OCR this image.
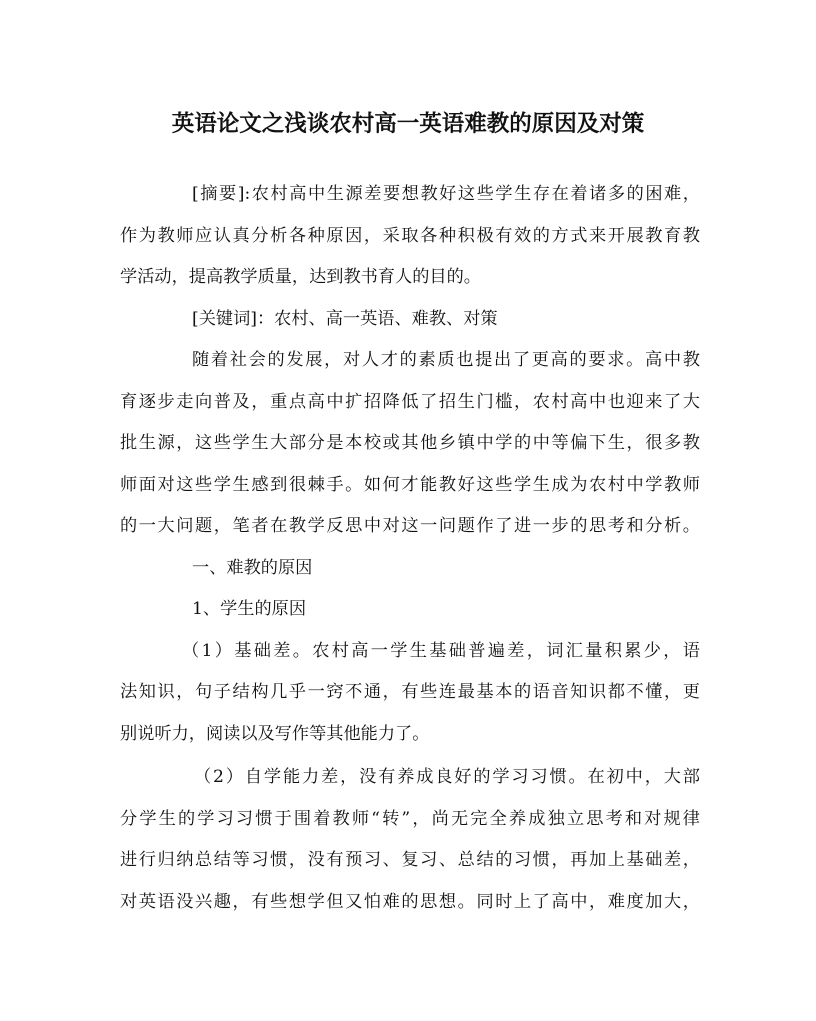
英语论文之浅谈农村高一英语难教的原因及对策
[摘要]:农村高中生源差要想教好这些学生存在着诸多的困难，
作为教师应认真分析各种原因，采取各种积极有效的方式来开展教育教
学活动，提高教学质量，达到教书育人的目的。
[关键词]：农村、高一英语、难教、对策
随着社会的发展，对人才的素质也提出了更高的要求。高中教
育逐步走向普及，重点高中扩招降低了招生门槛，农村高中也迎来了大
批生源，这些学生大部分是本校或其他乡镇中学的中等偏下生，很多教
师面对这些学生感到很棘手。如何才能教好这些学生成为农村中学教师
的一大问题，笔者在教学反思中对这一问题作了进一步的思考和分析。
一、难教的原因
1、学生的原因
（1）基础差。农村高一学生基础普遍差，词汇量积累少，语
法知识，句子结构几乎一窍不通，有些连最基本的语音知识都不懂，更
别说听力，阅读以及写作等其他能力了。
（2）自学能力差，没有养成良好的学习习惯。在初中，大部
分学生的学习习惯于围着教师“转”，尚无完全养成独立思考和对规律
进行归纳总结等习惯，没有预习、复习、总结的习惯，再加上基础差，
对英语没兴趣，有些想学但又怕难的思想。同时上了高中，难度加大，
